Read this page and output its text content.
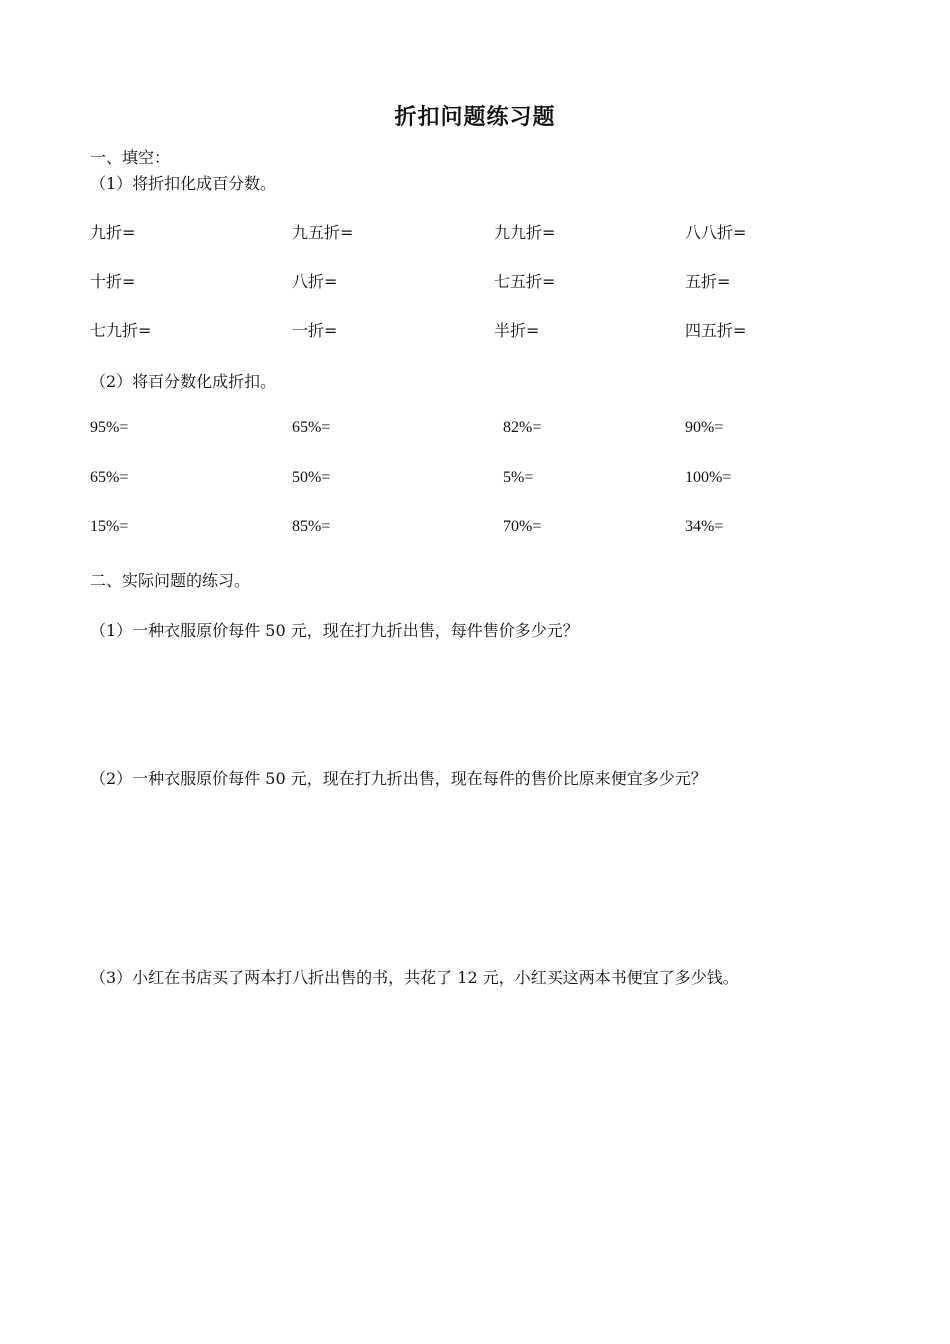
折扣问题练习题
一、填空：
（1）将折扣化成百分数。
九折=	九五折=	九九折=	八八折=
十折=	八折=	七五折=	五折=
七九折=	一折=	半折=	四五折=
（2）将百分数化成折扣。
95%=	65%=	82%=	90%=
65%=	50%=	5%=	100%=
15%=	85%=	70%=	34%=
二、实际问题的练习。
（1）一种衣服原价每件 50 元，现在打九折出售，每件售价多少元？
（2）一种衣服原价每件 50 元，现在打九折出售，现在每件的售价比原来便宜多少元？
（3）小红在书店买了两本打八折出售的书，共花了 12 元，小红买这两本书便宜了多少钱。
